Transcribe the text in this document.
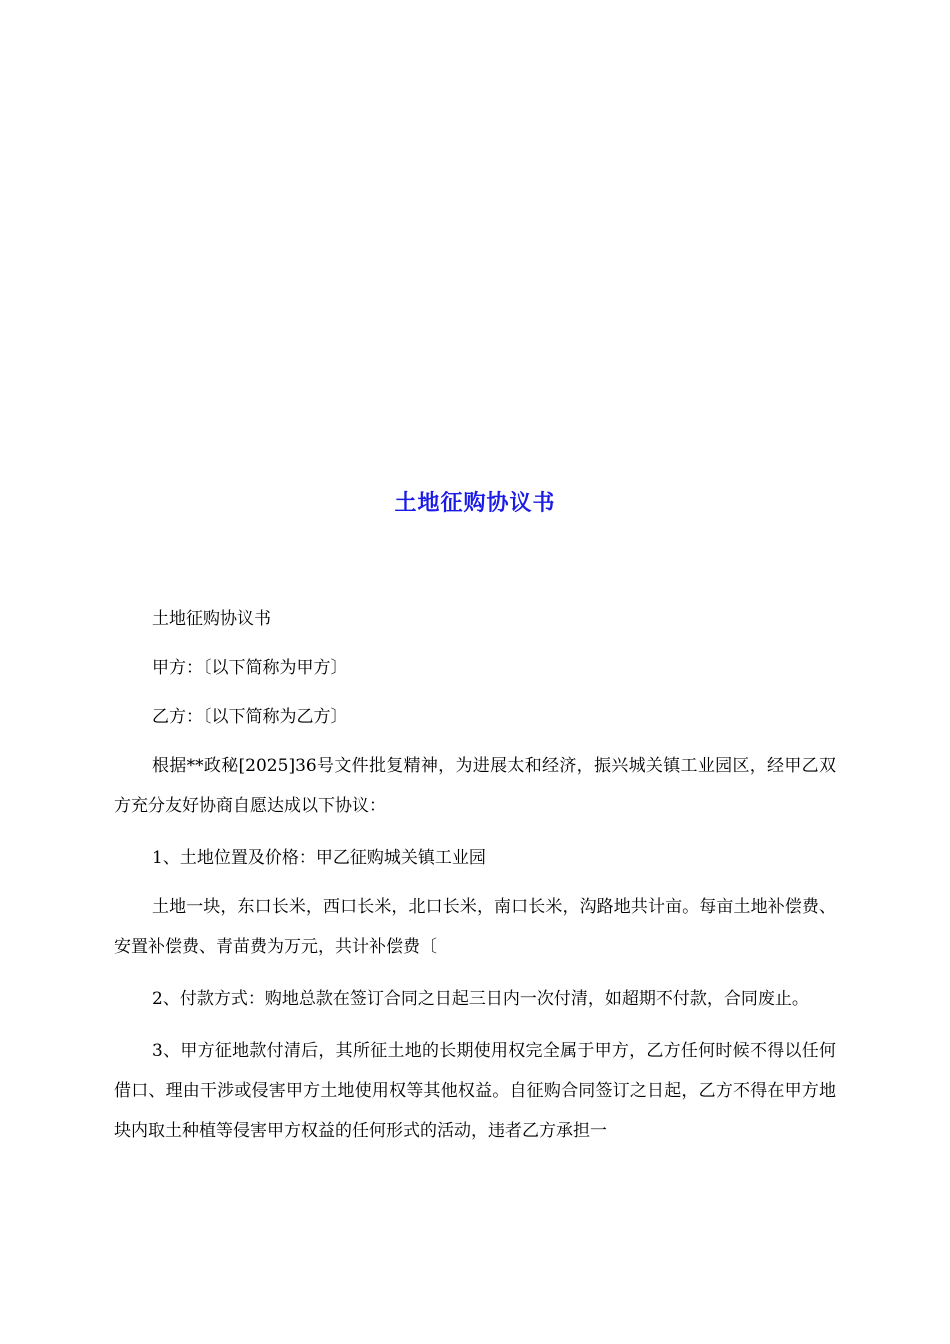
土地征购协议书

土地征购协议书

甲方：〔以下简称为甲方〕

乙方：〔以下简称为乙方〕

根据**政秘[2025]36号文件批复精神，为进展太和经济，振兴城关镇工业园区，经甲乙双方充分友好协商自愿达成以下协议：

1、土地位置及价格：甲乙征购城关镇工业园

土地一块，东口长米，西口长米，北口长米，南口长米，沟路地共计亩。每亩土地补偿费、安置补偿费、青苗费为万元，共计补偿费〔

2、付款方式：购地总款在签订合同之日起三日内一次付清，如超期不付款，合同废止。

3、甲方征地款付清后，其所征土地的长期使用权完全属于甲方，乙方任何时候不得以任何借口、理由干涉或侵害甲方土地使用权等其他权益。自征购合同签订之日起，乙方不得在甲方地块内取土种植等侵害甲方权益的任何形式的活动，违者乙方承担一
